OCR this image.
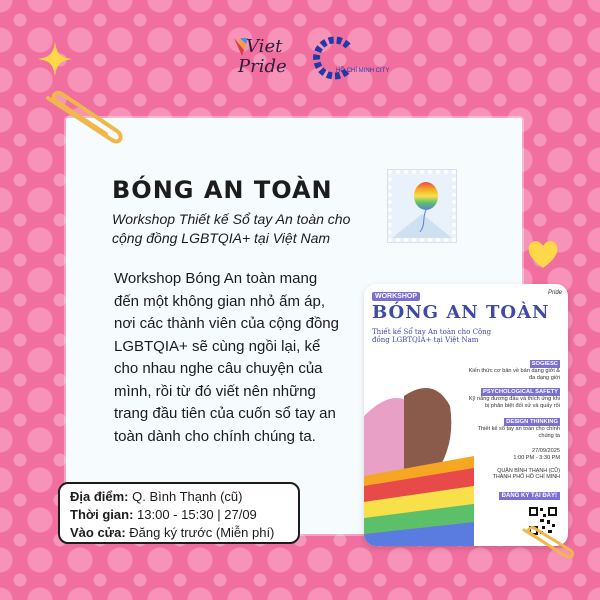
Viet
Pride	HỒ CHÍ MINH CITY
BÓNG AN TOÀN

Workshop Thiết kế Sổ tay An toàn cho cộng đồng LGBTQIA+ tại Việt Nam

Workshop Bóng An toàn mang đến một không gian nhỏ ấm áp, nơi các thành viên của cộng đồng LGBTQIA+ sẽ cùng ngồi lại, kể cho nhau nghe câu chuyện của mình, rồi từ đó viết nên những trang đầu tiên của cuốn sổ tay an toàn dành cho chính chúng ta.

Địa điểm: Q. Bình Thạnh (cũ)
Thời gian: 13:00 - 15:30 | 27/09
Vào cửa: Đăng ký trước (Miễn phí)
WORKSHOP	Pride
BÓNG AN TOÀN
Thiết kế Sổ tay An toàn cho Cộng đồng LGBTQIA+ tại Việt Nam
SOGIESC
Kiến thức cơ bản về bản dạng giới & đa dạng giới
PSYCHOLOGICAL SAFETY
Kỹ năng đương đầu và thích ứng khi bị phân biệt đối xử và quấy rối
DESIGN THINKING
Thiết kế sổ tay an toàn cho chính chúng ta
27/09/2025
1:00 PM - 3:30 PM
QUẬN BÌNH THẠNH (CŨ) THÀNH PHỐ HỒ CHÍ MINH
ĐĂNG KÝ TẠI ĐÂY!
